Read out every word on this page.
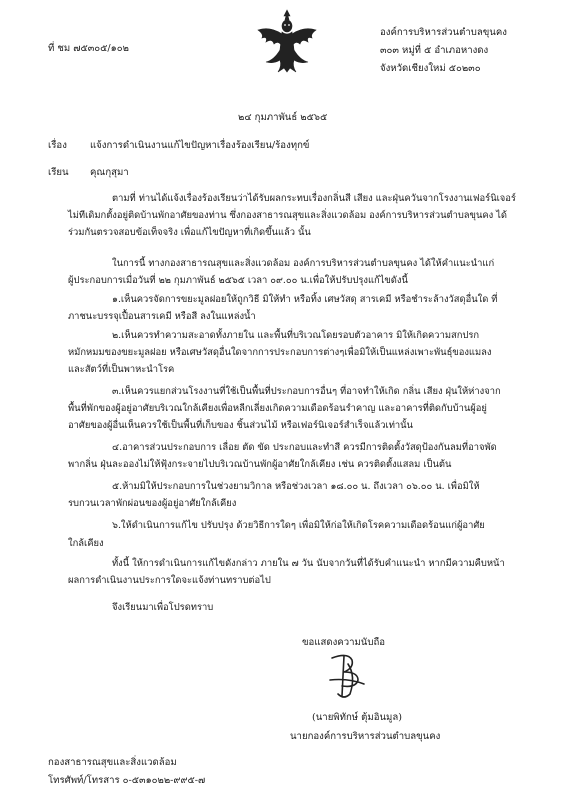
ที่ ชม ๗๕๓๐๕/๑๐๒
องค์การบริหารส่วนตำบลขุนคง
๓๐๓ หมู่ที่ ๕ อำเภอหางดง
จังหวัดเชียงใหม่ ๕๐๒๓๐
๒๔ กุมภาพันธ์ ๒๕๖๕
เรื่อง แจ้งการดำเนินงานแก้ไขปัญหาเรื่องร้องเรียน/ร้องทุกข์
เรียน คุณกุสุมา
ตามที่ ท่านได้แจ้งเรื่องร้องเรียนว่าได้รับผลกระทบเรื่องกลิ่นสี เสียง และฝุ่นควันจากโรงงานเฟอร์นิเจอร์
ไม่ทีเดิมกตั้งอยู่ติดบ้านพักอาศัยของท่าน ซึ่งกองสาธารณสุขและสิ่งแวดล้อม องค์การบริหารส่วนตำบลขุนคง ได้
ร่วมกันตรวจสอบข้อเท็จจริง เพื่อแก้ไขปัญหาที่เกิดขึ้นแล้ว นั้น
ในการนี้ ทางกองสาธารณสุขและสิ่งแวดล้อม องค์การบริหารส่วนตำบลขุนคง ได้ให้คำแนะนำแก่
ผู้ประกอบการเมื่อวันที่ ๒๒ กุมภาพันธ์ ๒๕๖๕ เวลา ๐๙.๐๐ น.เพื่อให้ปรับปรุงแก้ไขดังนี้
๑.เห็นควรจัดการขยะมูลฝอยให้ถูกวิธี มิให้ทำ หรือทิ้ง เศษวัสดุ สารเคมี หรือชำระล้างวัสดุอื่นใด ที่
ภาชนะบรรจุเปื้อนสารเคมี หรือสี ลงในแหล่งน้ำ
๒.เห็นควรทำความสะอาดทั้งภายใน และพื้นที่บริเวณโดยรอบตัวอาคาร มิให้เกิดความสกปรก
หมักหมมของขยะมูลฝอย หรือเศษวัสดุอื่นใดจากการประกอบการต่างๆเพื่อมิให้เป็นแหล่งเพาะพันธุ์ของแมลง
และสัตว์ที่เป็นพาหะนำโรค
๓.เห็นควรแยกส่วนโรงงานที่ใช้เป็นพื้นที่ประกอบการอื่นๆ ที่อาจทำให้เกิด กลิ่น เสียง ฝุ่นให้ห่างจาก
พื้นที่พักของผู้อยู่อาศัยบริเวณใกล้เคียงเพื่อหลีกเลี่ยงเกิดความเดือดร้อนรำคาญ และอาคารที่ติดกับบ้านผู้อยู่
อาศัยของผู้อื่นเห็นควรใช้เป็นพื้นที่เก็บของ ชิ้นส่วนไม้ หรือเฟอร์นิเจอร์สำเร็จแล้วเท่านั้น
๔.อาคารส่วนประกอบการ เลื่อย ตัด ขัด ประกอบและทำสี ควรมีการติดตั้งวัสดุป้องกันลมที่อาจพัด
พากลิ่น ฝุ่นละอองไม่ให้ฟุ้งกระจายไปบริเวณบ้านพักผู้อาศัยใกล้เคียง เช่น ควรติดตั้งแสลม เป็นต้น
๕.ห้ามมิให้ประกอบการในช่วงยามวิกาล หรือช่วงเวลา ๑๘.๐๐ น. ถึงเวลา ๐๖.๐๐ น. เพื่อมิให้
รบกวนเวลาพักผ่อนของผู้อยู่อาศัยใกล้เคียง
๖.ให้ดำเนินการแก้ไข ปรับปรุง ด้วยวิธีการใดๆ เพื่อมิให้ก่อให้เกิดโรคความเดือดร้อนแก่ผู้อาศัย
ใกล้เคียง
ทั้งนี้ ให้การดำเนินการแก้ไขดังกล่าว ภายใน ๗ วัน นับจากวันที่ได้รับคำแนะนำ หากมีความคืบหน้า
ผลการดำเนินงานประการใดจะแจ้งท่านทราบต่อไป
จึงเรียนมาเพื่อโปรดทราบ
ขอแสดงความนับถือ
(นายพิทักษ์ ตุ้มอินมูล)
นายกองค์การบริหารส่วนตำบลขุนคง
กองสาธารณสุขและสิ่งแวดล้อม
โทรศัพท์/โทรสาร ๐-๕๓๑๐๒๒-๙๙๕-๗
